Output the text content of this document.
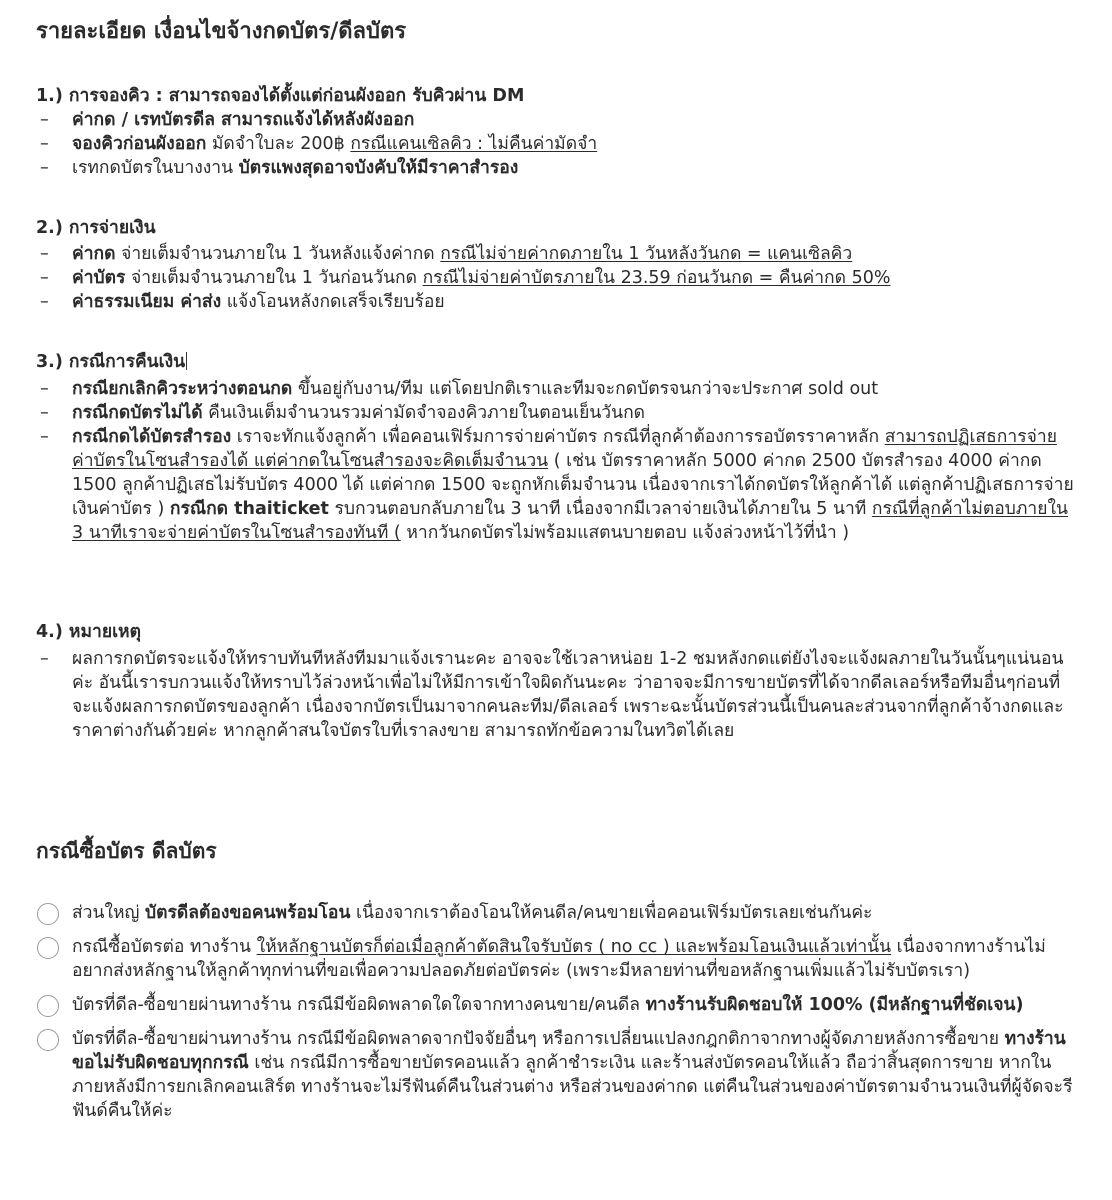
รายละเอียด เงื่อนไขจ้างกดบัตร/ดีลบัตร

1.) การจองคิว : สามารถจองได้ตั้งแต่ก่อนผังออก รับคิวผ่าน DM

– ค่ากด / เรทบัตรดีล สามารถแจ้งได้หลังผังออก
– จองคิวก่อนผังออก มัดจำใบละ 200฿ กรณีแคนเซิลคิว : ไม่คืนค่ามัดจำ
– เรทกดบัตรในบางงาน บัตรแพงสุดอาจบังคับให้มีราคาสำรอง

2.) การจ่ายเงิน

– ค่ากด จ่ายเต็มจำนวนภายใน 1 วันหลังแจ้งค่ากด กรณีไม่จ่ายค่ากดภายใน 1 วันหลังวันกด = แคนเซิลคิว
– ค่าบัตร จ่ายเต็มจำนวนภายใน 1 วันก่อนวันกด กรณีไม่จ่ายค่าบัตรภายใน 23.59 ก่อนวันกด = คืนค่ากด 50%
– ค่าธรรมเนียม ค่าส่ง แจ้งโอนหลังกดเสร็จเรียบร้อย

3.) กรณีการคืนเงิน

– กรณียกเลิกคิวระหว่างตอนกด ขึ้นอยู่กับงาน/ทีม แต่โดยปกติเราและทีมจะกดบัตรจนกว่าจะประกาศ sold out
– กรณีกดบัตรไม่ได้ คืนเงินเต็มจำนวนรวมค่ามัดจำจองคิวภายในตอนเย็นวันกด
– กรณีกดได้บัตรสำรอง เราจะทักแจ้งลูกค้า เพื่อคอนเฟิร์มการจ่ายค่าบัตร กรณีที่ลูกค้าต้องการรอบัตรราคาหลัก สามารถปฏิเสธการจ่ายค่าบัตรในโซนสำรองได้ แต่ค่ากดในโซนสำรองจะคิดเต็มจำนวน ( เช่น บัตรราคาหลัก 5000 ค่ากด 2500 บัตรสำรอง 4000 ค่ากด 1500 ลูกค้าปฏิเสธไม่รับบัตร 4000 ได้ แต่ค่ากด 1500 จะถูกหักเต็มจำนวน เนื่องจากเราได้กดบัตรให้ลูกค้าได้ แต่ลูกค้าปฏิเสธการจ่ายเงินค่าบัตร ) กรณีกด thaiticket รบกวนตอบกลับภายใน 3 นาที เนื่องจากมีเวลาจ่ายเงินได้ภายใน 5 นาที กรณีที่ลูกค้าไม่ตอบภายใน 3 นาทีเราจะจ่ายค่าบัตรในโซนสำรองทันที ( หากวันกดบัตรไม่พร้อมแสตนบายตอบ แจ้งล่วงหน้าไว้ที่นำ )

4.) หมายเหตุ

– ผลการกดบัตรจะแจ้งให้ทราบทันทีหลังทีมมาแจ้งเรานะคะ อาจจะใช้เวลาหน่อย 1-2 ชมหลังกดแต่ยังไงจะแจ้งผลภายในวันนั้นๆแน่นอนค่ะ อันนี้เรารบกวนแจ้งให้ทราบไว้ล่วงหน้าเพื่อไม่ให้มีการเข้าใจผิดกันนะคะ ว่าอาจจะมีการขายบัตรที่ได้จากดีลเลอร์หรือทีมอื่นๆก่อนที่จะแจ้งผลการกดบัตรของลูกค้า เนื่องจากบัตรเป็นมาจากคนละทีม/ดีลเลอร์ เพราะฉะนั้นบัตรส่วนนี้เป็นคนละส่วนจากที่ลูกค้าจ้างกดและราคาต่างกันด้วยค่ะ หากลูกค้าสนใจบัตรใบที่เราลงขาย สามารถทักข้อความในทวิตได้เลย
กรณีซื้อบัตร ดีลบัตร
ส่วนใหญ่ บัตรดีลต้องขอคนพร้อมโอน เนื่องจากเราต้องโอนให้คนดีล/คนขายเพื่อคอนเฟิร์มบัตรเลยเช่นกันค่ะ
กรณีซื้อบัตรต่อ ทางร้าน ให้หลักฐานบัตรก็ต่อเมื่อลูกค้าตัดสินใจรับบัตร ( no cc ) และพร้อมโอนเงินแล้วเท่านั้น เนื่องจากทางร้านไม่อยากส่งหลักฐานให้ลูกค้าทุกท่านที่ขอเพื่อความปลอดภัยต่อบัตรค่ะ (เพราะมีหลายท่านที่ขอหลักฐานเพิ่มแล้วไม่รับบัตรเรา)
บัตรที่ดีล-ซื้อขายผ่านทางร้าน กรณีมีข้อผิดพลาดใดใดจากทางคนขาย/คนดีล ทางร้านรับผิดชอบให้ 100% (มีหลักฐานที่ชัดเจน)
บัตรที่ดีล-ซื้อขายผ่านทางร้าน กรณีมีข้อผิดพลาดจากปัจจัยอื่นๆ หรือการเปลี่ยนแปลงกฎกติกาจากทางผู้จัดภายหลังการซื้อขาย ทางร้านขอไม่รับผิดชอบทุกกรณี เช่น กรณีมีการซื้อขายบัตรคอนแล้ว ลูกค้าชำระเงิน และร้านส่งบัตรคอนให้แล้ว ถือว่าสิ้นสุดการขาย หากในภายหลังมีการยกเลิกคอนเสิร์ต ทางร้านจะไม่รีฟันด์คืนในส่วนต่าง หรือส่วนของค่ากด แต่คืนในส่วนของค่าบัตรตามจำนวนเงินที่ผู้จัดจะรีฟันด์คืนให้ค่ะ
